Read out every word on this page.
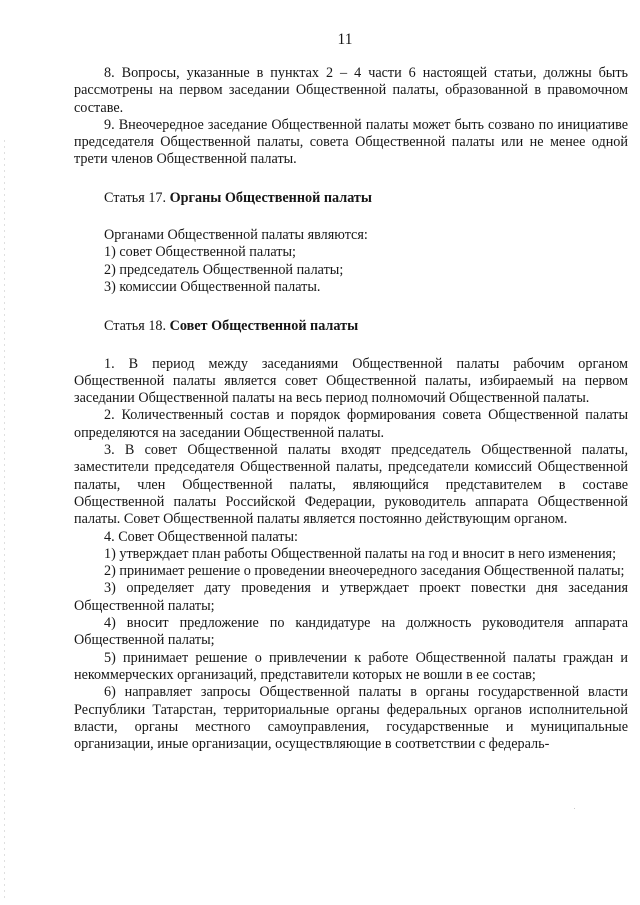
11

8. Вопросы, указанные в пунктах 2 – 4 части 6 настоящей статьи, должны быть рассмотрены на первом заседании Общественной палаты, образованной в правомочном составе.

9. Внеочередное заседание Общественной палаты может быть созвано по инициативе председателя Общественной палаты, совета Общественной палаты или не менее одной трети членов Общественной палаты.

Статья 17. Органы Общественной палаты

Органами Общественной палаты являются:

1) совет Общественной палаты;

2) председатель Общественной палаты;

3) комиссии Общественной палаты.

Статья 18. Совет Общественной палаты

1. В период между заседаниями Общественной палаты рабочим органом Общественной палаты является совет Общественной палаты, избираемый на первом заседании Общественной палаты на весь период полномочий Общественной палаты.

2. Количественный состав и порядок формирования совета Общественной палаты определяются на заседании Общественной палаты.

3. В совет Общественной палаты входят председатель Общественной палаты, заместители председателя Общественной палаты, председатели комиссий Общественной палаты, член Общественной палаты, являющийся представителем в составе Общественной палаты Российской Федерации, руководитель аппарата Общественной палаты. Совет Общественной палаты является постоянно действующим органом.

4. Совет Общественной палаты:

1) утверждает план работы Общественной палаты на год и вносит в него изменения;

2) принимает решение о проведении внеочередного заседания Общественной палаты;

3) определяет дату проведения и утверждает проект повестки дня заседания Общественной палаты;

4) вносит предложение по кандидатуре на должность руководителя аппарата Общественной палаты;

5) принимает решение о привлечении к работе Общественной палаты граждан и некоммерческих организаций, представители которых не вошли в ее состав;

6) направляет запросы Общественной палаты в органы государственной власти Республики Татарстан, территориальные органы федеральных органов исполнительной власти, органы местного самоуправления, государственные и муниципальные организации, иные организации, осуществляющие в соответствии с федераль-
